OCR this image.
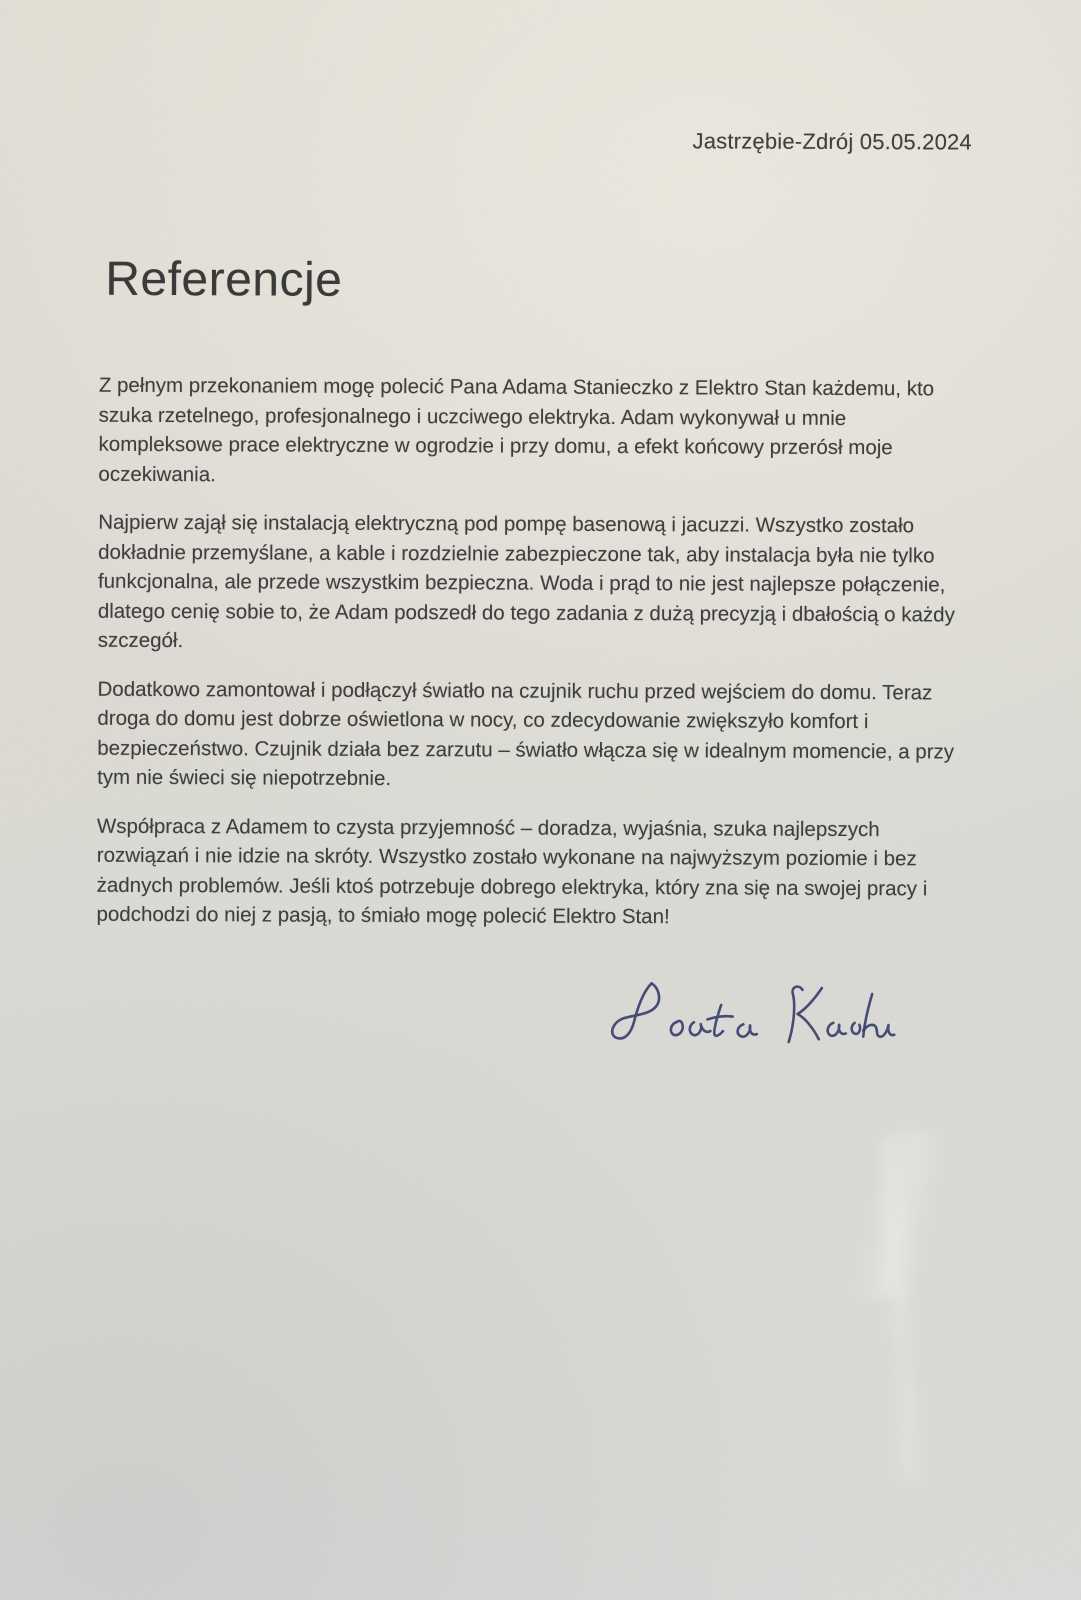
Jastrzębie-Zdrój 05.05.2024
Referencje

Z pełnym przekonaniem mogę polecić Pana Adama Stanieczko z Elektro Stan każdemu, kto szuka rzetelnego, profesjonalnego i uczciwego elektryka. Adam wykonywał u mnie kompleksowe prace elektryczne w ogrodzie i przy domu, a efekt końcowy przerósł moje oczekiwania.

Najpierw zajął się instalacją elektryczną pod pompę basenową i jacuzzi. Wszystko zostało dokładnie przemyślane, a kable i rozdzielnie zabezpieczone tak, aby instalacja była nie tylko funkcjonalna, ale przede wszystkim bezpieczna. Woda i prąd to nie jest najlepsze połączenie, dlatego cenię sobie to, że Adam podszedł do tego zadania z dużą precyzją i dbałością o każdy szczegół.

Dodatkowo zamontował i podłączył światło na czujnik ruchu przed wejściem do domu. Teraz droga do domu jest dobrze oświetlona w nocy, co zdecydowanie zwiększyło komfort i bezpieczeństwo. Czujnik działa bez zarzutu – światło włącza się w idealnym momencie, a przy tym nie świeci się niepotrzebnie.

Współpraca z Adamem to czysta przyjemność – doradza, wyjaśnia, szuka najlepszych rozwiązań i nie idzie na skróty. Wszystko zostało wykonane na najwyższym poziomie i bez żadnych problemów. Jeśli ktoś potrzebuje dobrego elektryka, który zna się na swojej pracy i podchodzi do niej z pasją, to śmiało mogę polecić Elektro Stan!
